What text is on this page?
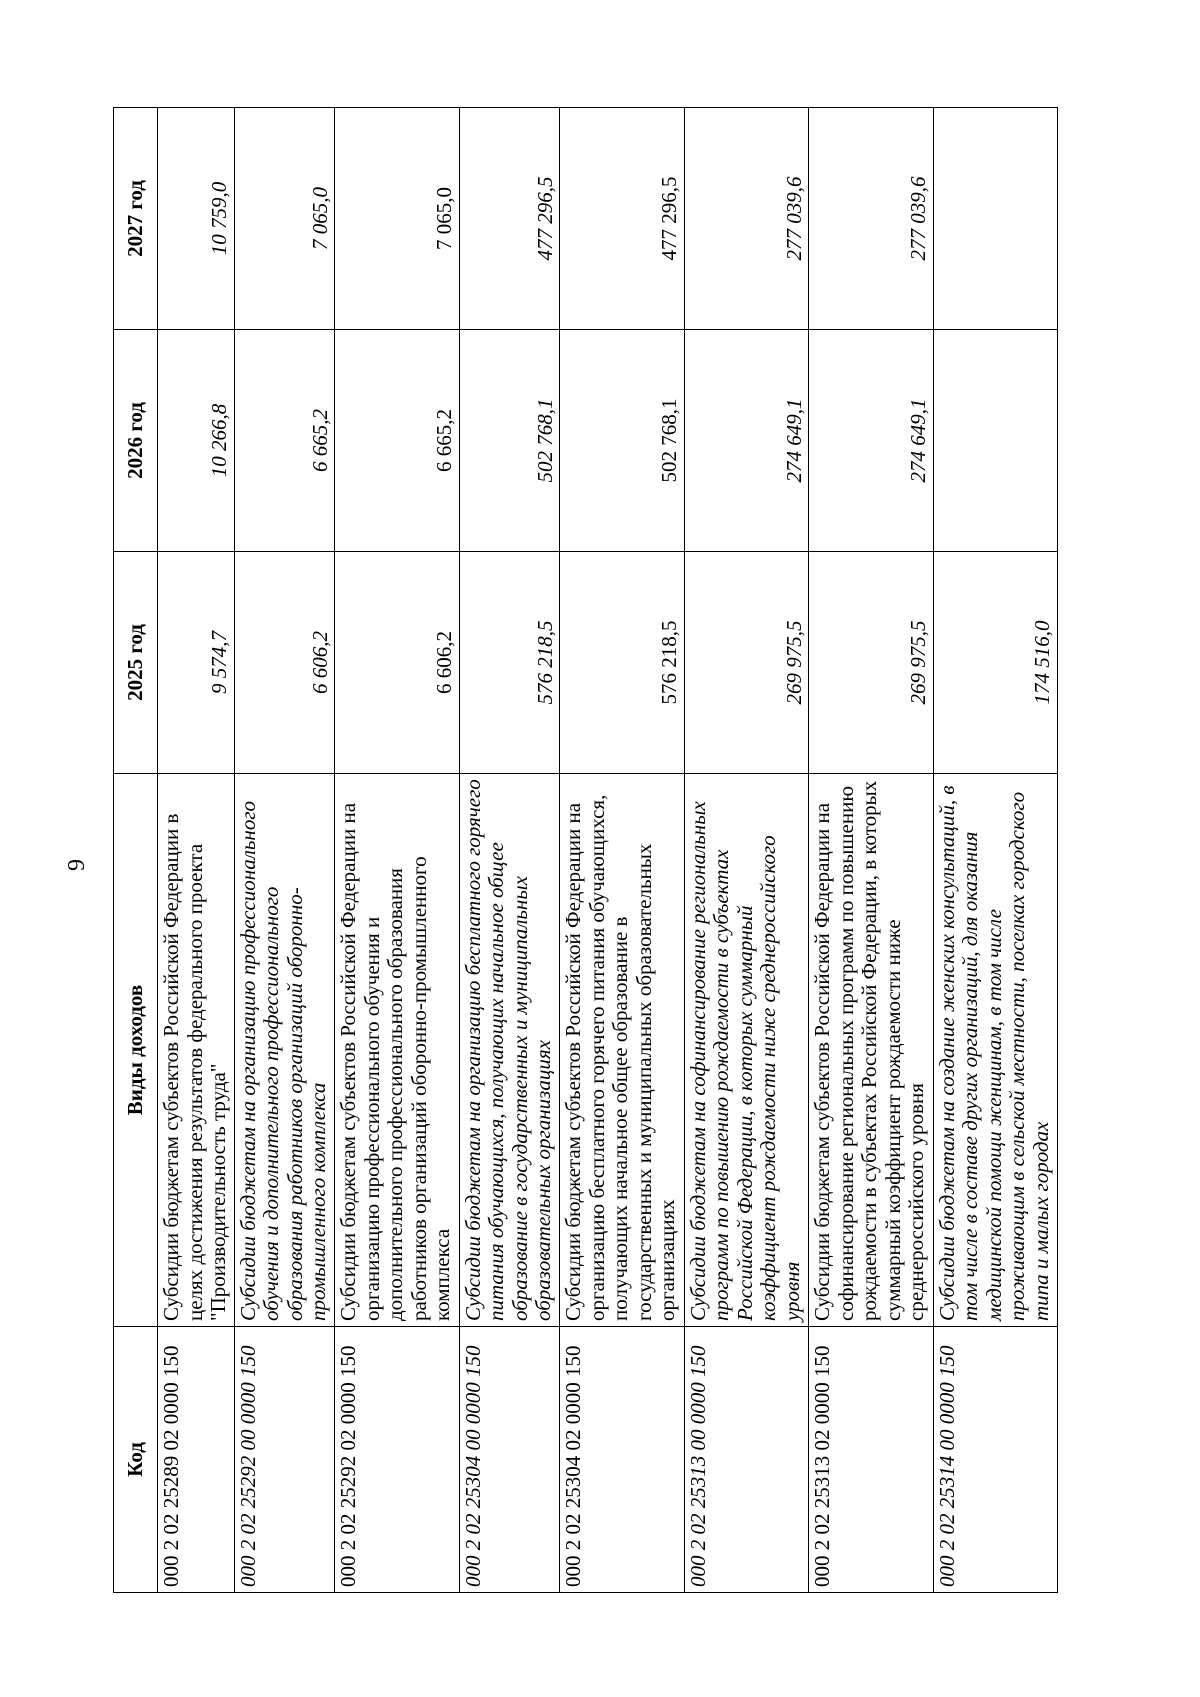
9
Код	Виды доходов	2025 год	2026 год	2027 год
000 2 02 25289 02 0000 150	Субсидии бюджетам субъектов Российской Федерации в целях достижения результатов федерального проекта "Производительность труда"	9 574,7	10 266,8	10 759,0
000 2 02 25292 00 0000 150	Субсидии бюджетам на организацию профессионального обучения и дополнительного профессионального образования работников организаций оборонно-промышленного комплекса	6 606,2	6 665,2	7 065,0
000 2 02 25292 02 0000 150	Субсидии бюджетам субъектов Российской Федерации на организацию профессионального обучения и дополнительного профессионального образования работников организаций оборонно-промышленного комплекса	6 606,2	6 665,2	7 065,0
000 2 02 25304 00 0000 150	Субсидии бюджетам на организацию бесплатного горячего питания обучающихся, получающих начальное общее образование в государственных и муниципальных образовательных организациях	576 218,5	502 768,1	477 296,5
000 2 02 25304 02 0000 150	Субсидии бюджетам субъектов Российской Федерации на организацию бесплатного горячего питания обучающихся, получающих начальное общее образование в государственных и муниципальных образовательных организациях	576 218,5	502 768,1	477 296,5
000 2 02 25313 00 0000 150	Субсидии бюджетам на софинансирование региональных программ по повышению рождаемости в субъектах Российской Федерации, в которых суммарный коэффициент рождаемости ниже среднероссийского уровня	269 975,5	274 649,1	277 039,6
000 2 02 25313 02 0000 150	Субсидии бюджетам субъектов Российской Федерации на софинансирование региональных программ по повышению рождаемости в субъектах Российской Федерации, в которых суммарный коэффициент рождаемости ниже среднероссийского уровня	269 975,5	274 649,1	277 039,6
000 2 02 25314 00 0000 150	Субсидии бюджетам на создание женских консультаций, в том числе в составе других организаций, для оказания медицинской помощи женщинам, в том числе проживающим в сельской местности, поселках городского типа и малых городах	174 516,0		
